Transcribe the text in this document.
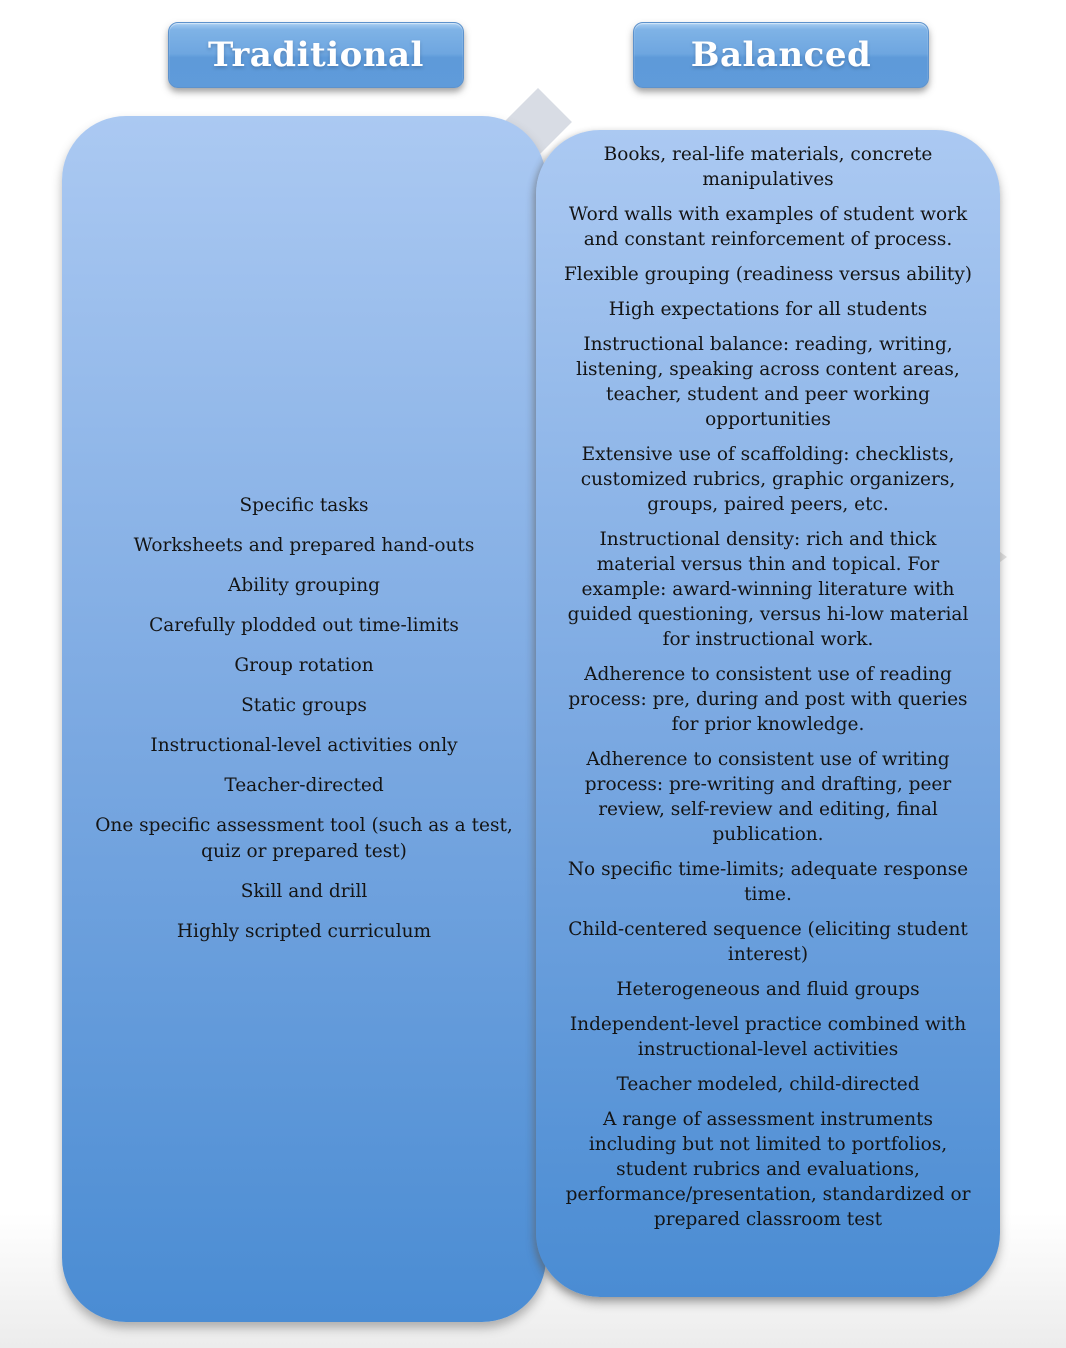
Traditional	Balanced
Specific tasks
Worksheets and prepared hand-outs
Ability grouping
Carefully plodded out time-limits
Group rotation
Static groups
Instructional-level activities only
Teacher-directed
One specific assessment tool (such as a test, quiz or prepared test)
Skill and drill
Highly scripted curriculum
Books, real-life materials, concrete manipulatives
Word walls with examples of student work and constant reinforcement of process.
Flexible grouping (readiness versus ability)
High expectations for all students
Instructional balance: reading, writing, listening, speaking across content areas, teacher, student and peer working opportunities
Extensive use of scaffolding: checklists, customized rubrics, graphic organizers, groups, paired peers, etc.
Instructional density: rich and thick material versus thin and topical. For example: award-winning literature with guided questioning, versus hi-low material for instructional work.
Adherence to consistent use of reading process: pre, during and post with queries for prior knowledge.
Adherence to consistent use of writing process: pre-writing and drafting, peer review, self-review and editing, final publication.
No specific time-limits; adequate response time.
Child-centered sequence (eliciting student interest)
Heterogeneous and fluid groups
Independent-level practice combined with instructional-level activities
Teacher modeled, child-directed
A range of assessment instruments including but not limited to portfolios, student rubrics and evaluations, performance/presentation, standardized or prepared classroom test
